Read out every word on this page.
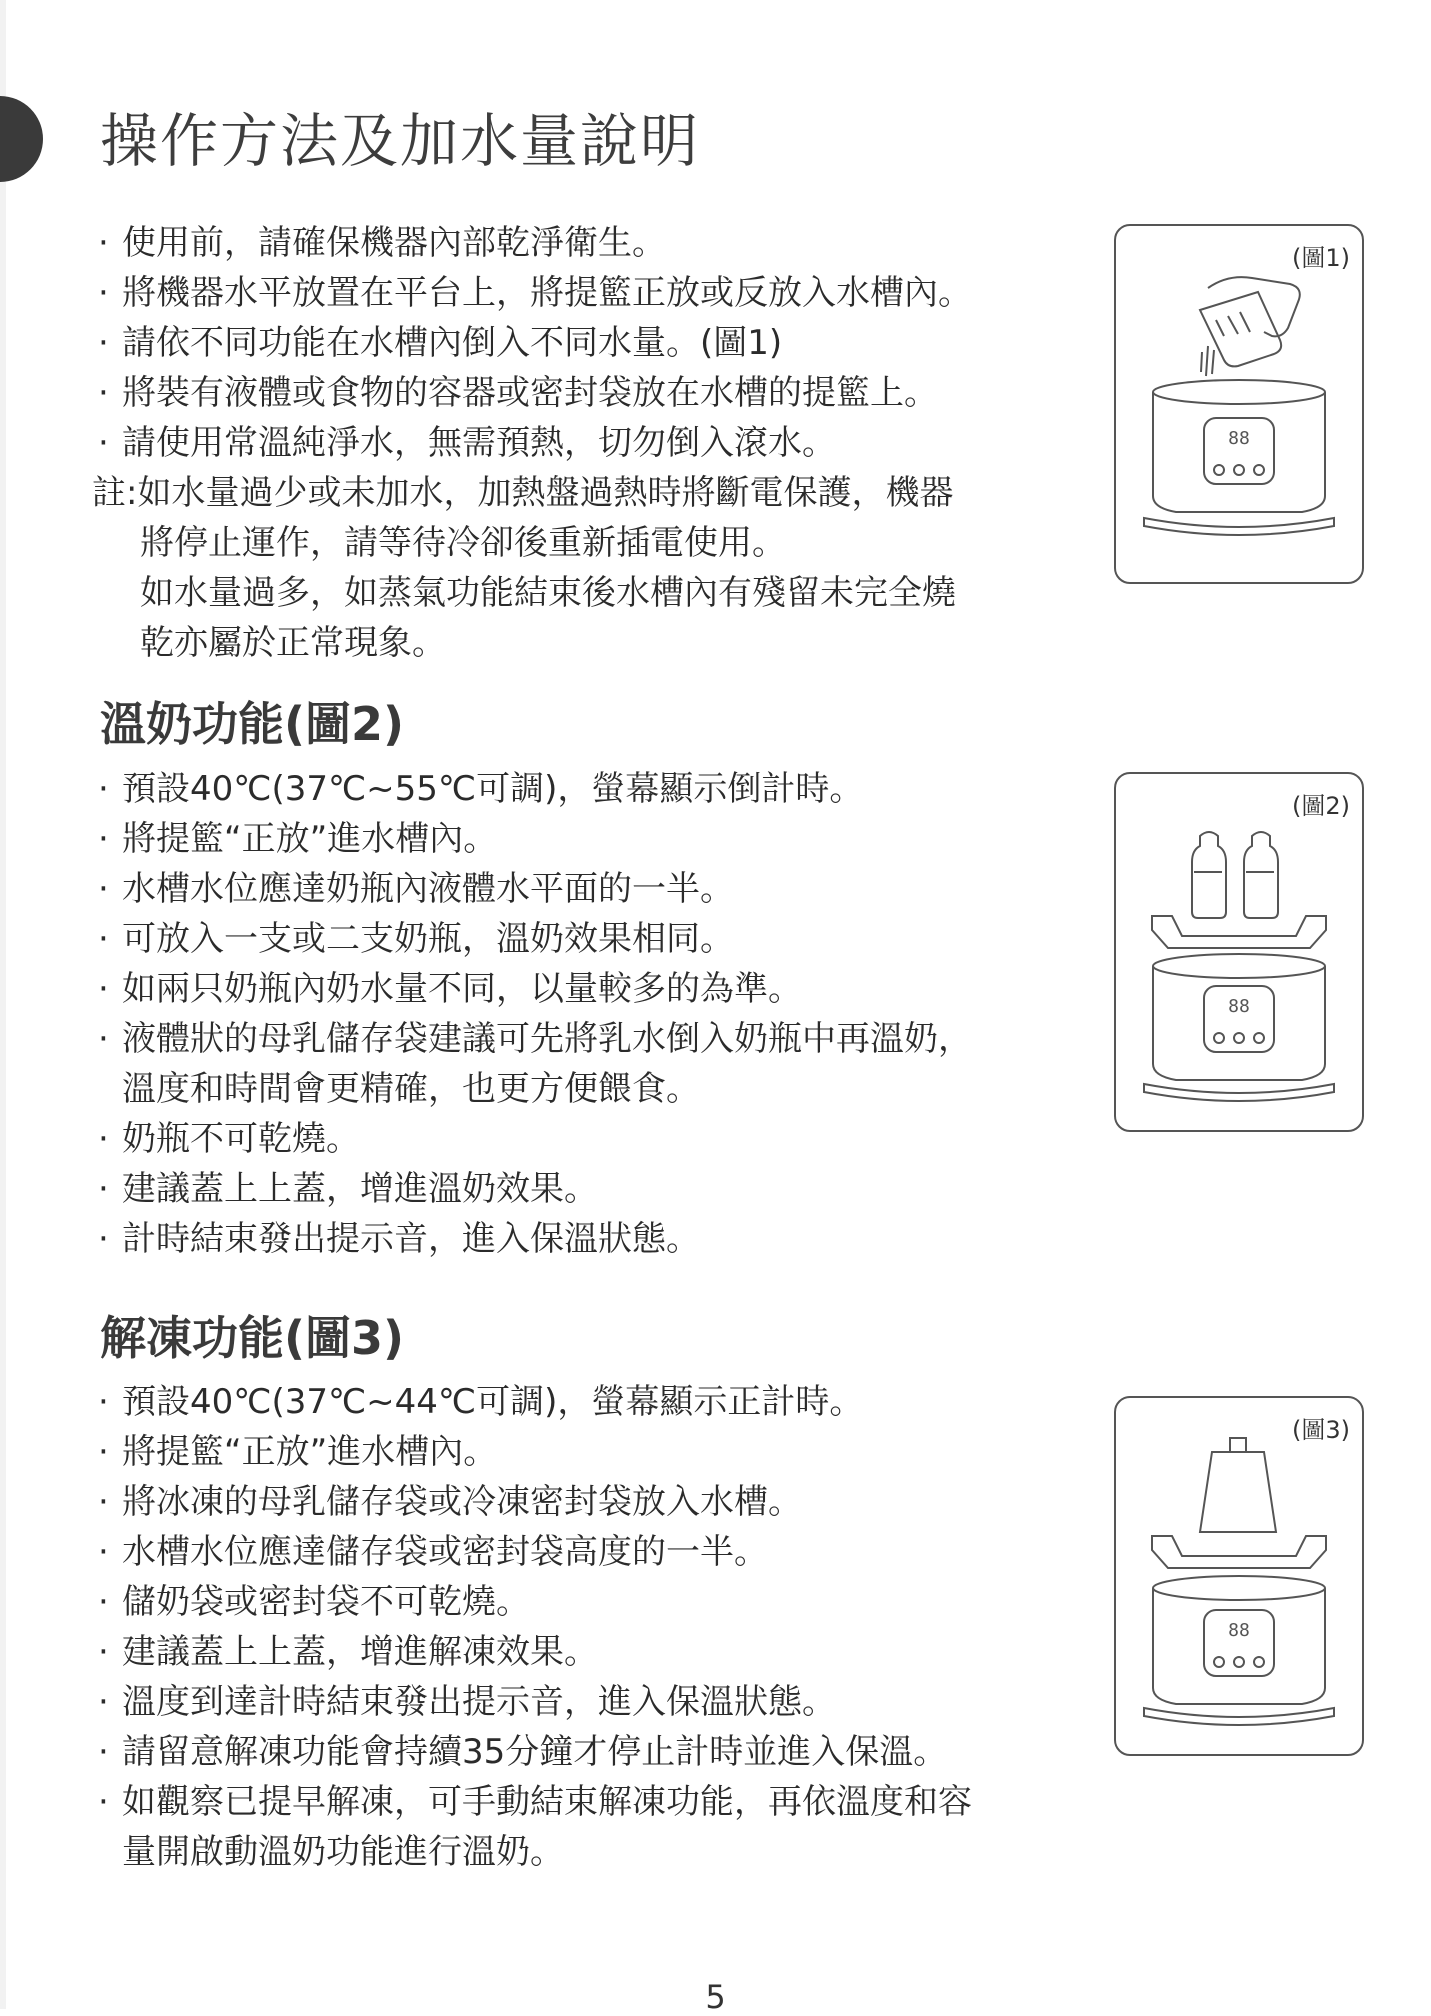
操作方法及加水量說明
· 使用前，請確保機器內部乾淨衛生。
· 將機器水平放置在平台上，將提籃正放或反放入水槽內。
· 請依不同功能在水槽內倒入不同水量。(圖1)
· 將裝有液體或食物的容器或密封袋放在水槽的提籃上。
· 請使用常溫純淨水，無需預熱，切勿倒入滾水。
註:如水量過少或未加水，加熱盤過熱時將斷電保護，機器
將停止運作，請等待冷卻後重新插電使用。
如水量過多，如蒸氣功能結束後水槽內有殘留未完全燒
乾亦屬於正常現象。
溫奶功能(圖2)
· 預設40℃(37℃~55℃可調)，螢幕顯示倒計時。
· 將提籃“正放”進水槽內。
· 水槽水位應達奶瓶內液體水平面的一半。
· 可放入一支或二支奶瓶，溫奶效果相同。
· 如兩只奶瓶內奶水量不同，以量較多的為準。
· 液體狀的母乳儲存袋建議可先將乳水倒入奶瓶中再溫奶，
溫度和時間會更精確，也更方便餵食。
· 奶瓶不可乾燒。
· 建議蓋上上蓋，增進溫奶效果。
· 計時結束發出提示音，進入保溫狀態。
解凍功能(圖3)
· 預設40℃(37℃~44℃可調)，螢幕顯示正計時。
· 將提籃“正放”進水槽內。
· 將冰凍的母乳儲存袋或冷凍密封袋放入水槽。
· 水槽水位應達儲存袋或密封袋高度的一半。
· 儲奶袋或密封袋不可乾燒。
· 建議蓋上上蓋，增進解凍效果。
· 溫度到達計時結束發出提示音，進入保溫狀態。
· 請留意解凍功能會持續35分鐘才停止計時並進入保溫。
· 如觀察已提早解凍，可手動結束解凍功能，再依溫度和容
量開啟動溫奶功能進行溫奶。
88
(圖1)
88
(圖2)
88
(圖3)
5
